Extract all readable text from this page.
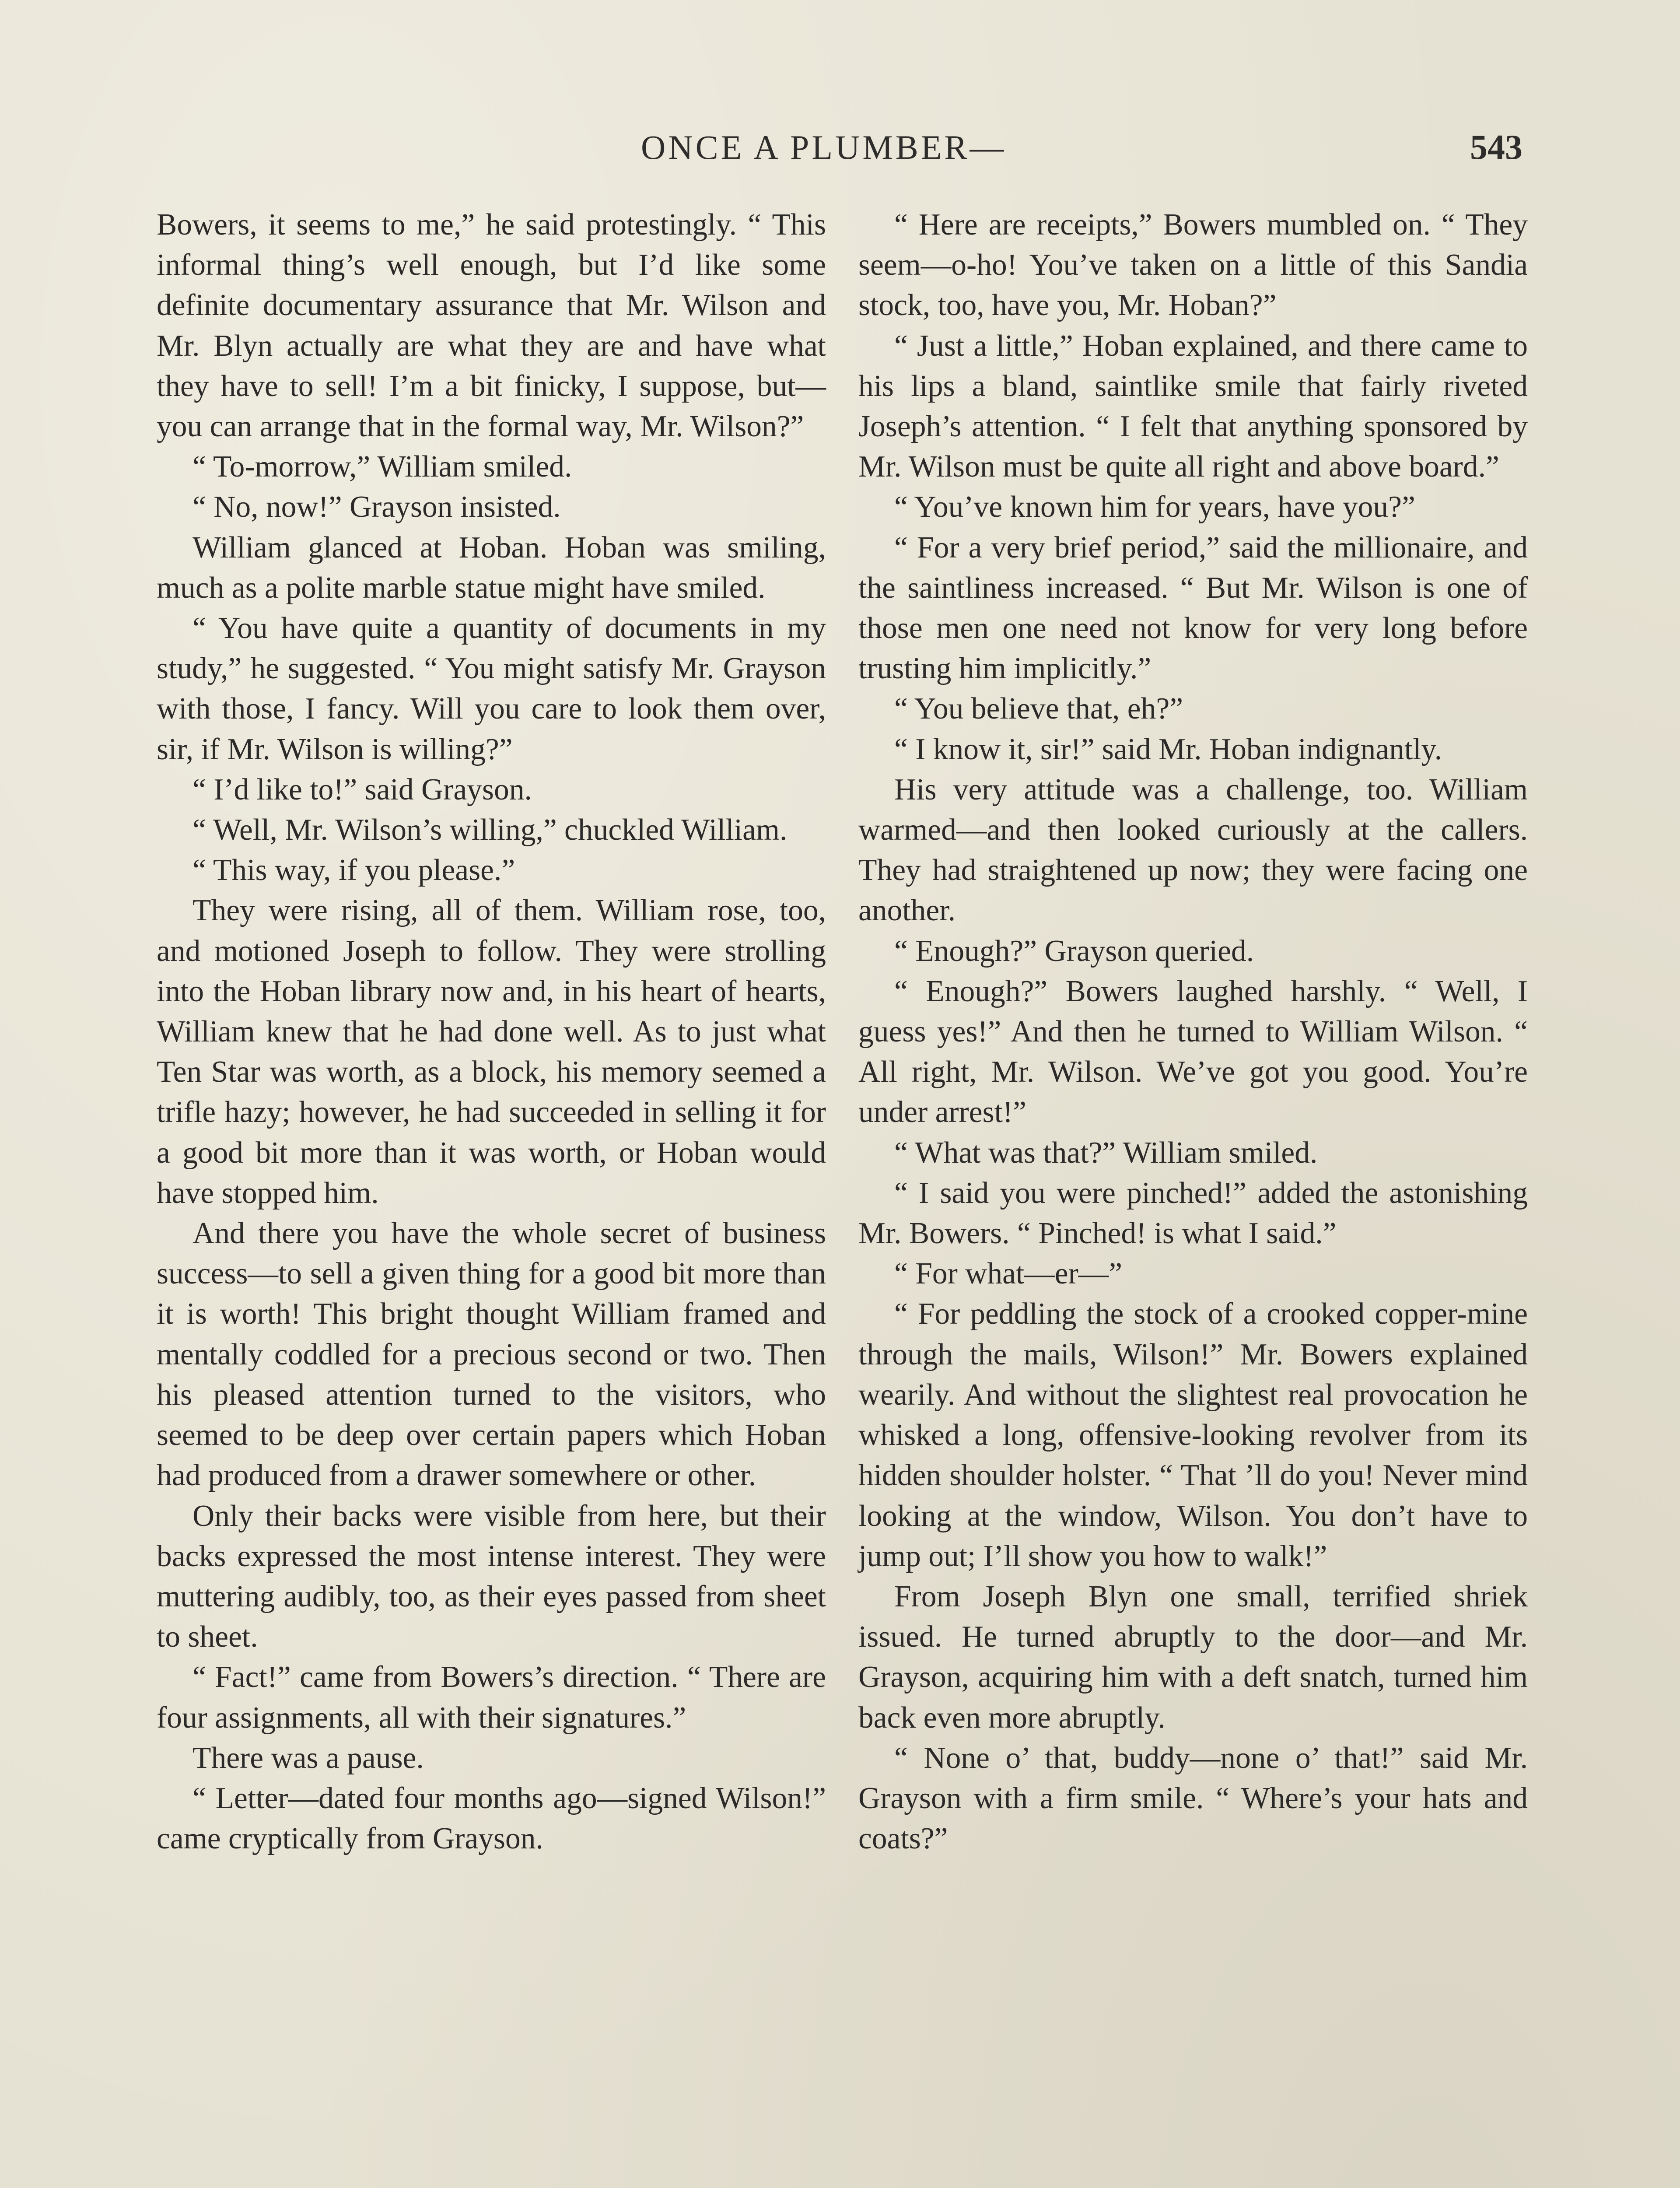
ONCE A PLUMBER—	543

Bowers, it seems to me,” he said protestingly. “ This informal thing’s well enough, but I’d like some definite documentary assurance that Mr. Wilson and Mr. Blyn actually are what they are and have what they have to sell! I’m a bit finicky, I suppose, but— you can arrange that in the formal way, Mr. Wilson?”

“ To-morrow,” William smiled.

“ No, now!” Grayson insisted.

William glanced at Hoban. Hoban was smiling, much as a polite marble statue might have smiled.

“ You have quite a quantity of documents in my study,” he suggested. “ You might satisfy Mr. Grayson with those, I fancy. Will you care to look them over, sir, if Mr. Wilson is willing?”

“ I’d like to!” said Grayson.

“ Well, Mr. Wilson’s willing,” chuckled William.

“ This way, if you please.”

They were rising, all of them. William rose, too, and motioned Joseph to follow. They were strolling into the Hoban library now and, in his heart of hearts, William knew that he had done well. As to just what Ten Star was worth, as a block, his memory seemed a trifle hazy; however, he had succeeded in selling it for a good bit more than it was worth, or Hoban would have stopped him.

And there you have the whole secret of business success—to sell a given thing for a good bit more than it is worth! This bright thought William framed and mentally coddled for a precious second or two. Then his pleased attention turned to the visitors, who seemed to be deep over certain papers which Hoban had produced from a drawer somewhere or other.

Only their backs were visible from here, but their backs expressed the most intense interest. They were muttering audibly, too, as their eyes passed from sheet to sheet.

“ Fact!” came from Bowers’s direction. “ There are four assignments, all with their signatures.”

There was a pause.

“ Letter—dated four months ago—signed Wilson!” came cryptically from Grayson.

“ Here are receipts,” Bowers mumbled on. “ They seem—o-ho! You’ve taken on a little of this Sandia stock, too, have you, Mr. Hoban?”

“ Just a little,” Hoban explained, and there came to his lips a bland, saintlike smile that fairly riveted Joseph’s attention. “ I felt that anything sponsored by Mr. Wilson must be quite all right and above board.”

“ You’ve known him for years, have you?”

“ For a very brief period,” said the millionaire, and the saintliness increased. “ But Mr. Wilson is one of those men one need not know for very long before trusting him implicitly.”

“ You believe that, eh?”

“ I know it, sir!” said Mr. Hoban indignantly.

His very attitude was a challenge, too. William warmed—and then looked curiously at the callers. They had straightened up now; they were facing one another.

“ Enough?” Grayson queried.

“ Enough?” Bowers laughed harshly. “ Well, I guess yes!” And then he turned to William Wilson. “ All right, Mr. Wilson. We’ve got you good. You’re under arrest!”

“ What was that?” William smiled.

“ I said you were pinched!” added the astonishing Mr. Bowers. “ Pinched! is what I said.”

“ For what—er—”

“ For peddling the stock of a crooked copper-mine through the mails, Wilson!” Mr. Bowers explained wearily. And without the slightest real provocation he whisked a long, offensive-looking revolver from its hidden shoulder holster. “ That ’ll do you! Never mind looking at the window, Wilson. You don’t have to jump out; I’ll show you how to walk!”

From Joseph Blyn one small, terrified shriek issued. He turned abruptly to the door—and Mr. Grayson, acquiring him with a deft snatch, turned him back even more abruptly.

“ None o’ that, buddy—none o’ that!” said Mr. Grayson with a firm smile. “ Where’s your hats and coats?”
